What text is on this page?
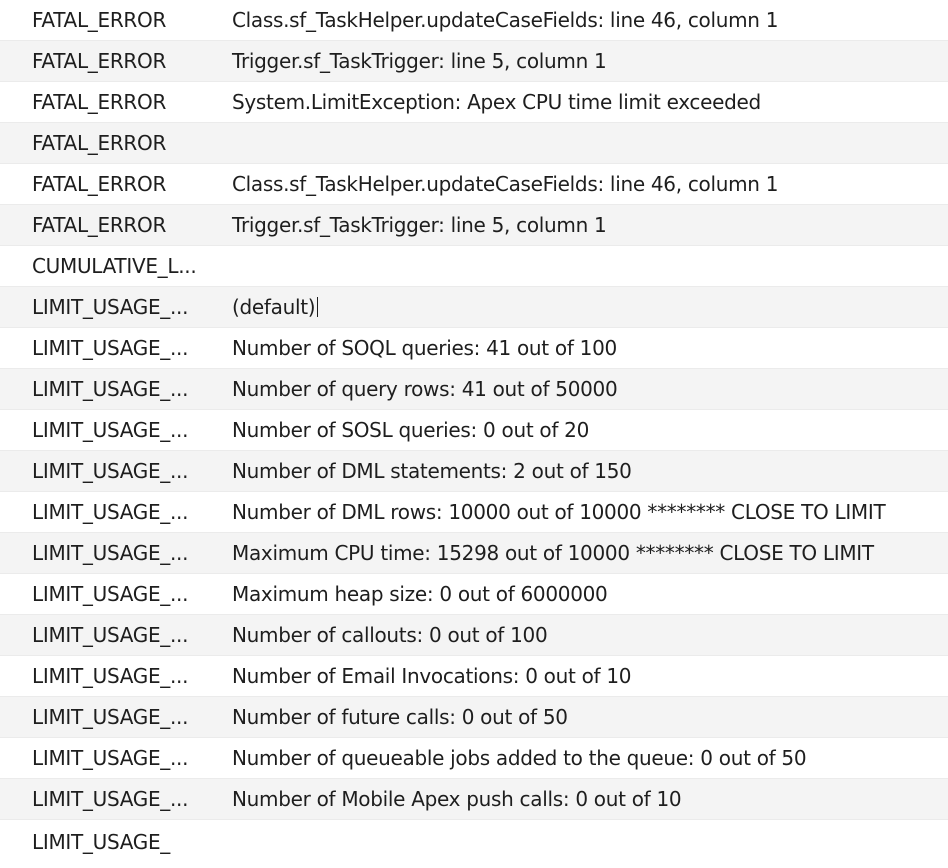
FATAL_ERROR	Class.sf_TaskHelper.updateCaseFields: line 46, column 1
FATAL_ERROR	Trigger.sf_TaskTrigger: line 5, column 1
FATAL_ERROR	System.LimitException: Apex CPU time limit exceeded
FATAL_ERROR
FATAL_ERROR	Class.sf_TaskHelper.updateCaseFields: line 46, column 1
FATAL_ERROR	Trigger.sf_TaskTrigger: line 5, column 1
CUMULATIVE_L...
LIMIT_USAGE_...	(default)
LIMIT_USAGE_...	Number of SOQL queries: 41 out of 100
LIMIT_USAGE_...	Number of query rows: 41 out of 50000
LIMIT_USAGE_...	Number of SOSL queries: 0 out of 20
LIMIT_USAGE_...	Number of DML statements: 2 out of 150
LIMIT_USAGE_...	Number of DML rows: 10000 out of 10000 ******** CLOSE TO LIMIT
LIMIT_USAGE_...	Maximum CPU time: 15298 out of 10000 ******** CLOSE TO LIMIT
LIMIT_USAGE_...	Maximum heap size: 0 out of 6000000
LIMIT_USAGE_...	Number of callouts: 0 out of 100
LIMIT_USAGE_...	Number of Email Invocations: 0 out of 10
LIMIT_USAGE_...	Number of future calls: 0 out of 50
LIMIT_USAGE_...	Number of queueable jobs added to the queue: 0 out of 50
LIMIT_USAGE_...	Number of Mobile Apex push calls: 0 out of 10
LIMIT_USAGE_
